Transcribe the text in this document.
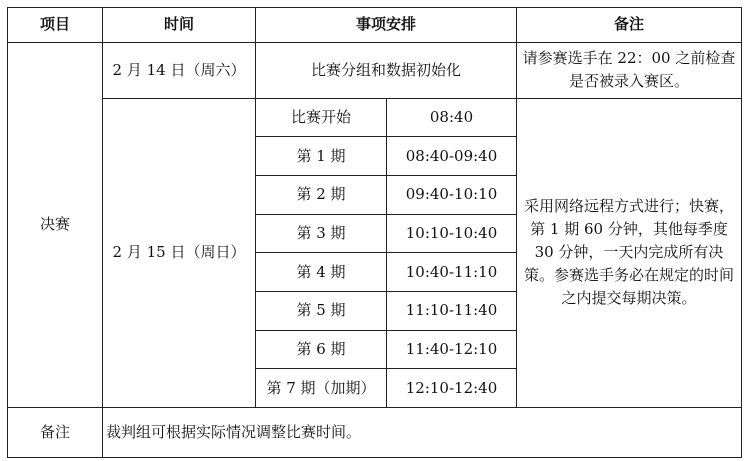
项目	时间	事项安排		备注
决赛	2 月 14 日（周六）	比赛分组和数据初始化		请参赛选手在 22：00 之前检查是否被录入赛区。
	2 月 15 日（周日）	比赛开始	08:40	采用网络远程方式进行；快赛，第 1 期 60 分钟，其他每季度 30 分钟，一天内完成所有决策。参赛选手务必在规定的时间之内提交每期决策。
		第 1 期	08:40-09:40	
		第 2 期	09:40-10:10	
		第 3 期	10:10-10:40	
		第 4 期	10:40-11:10	
		第 5 期	11:10-11:40	
		第 6 期	11:40-12:10	
		第 7 期（加期）	12:10-12:40	
备注	裁判组可根据实际情况调整比赛时间。			
